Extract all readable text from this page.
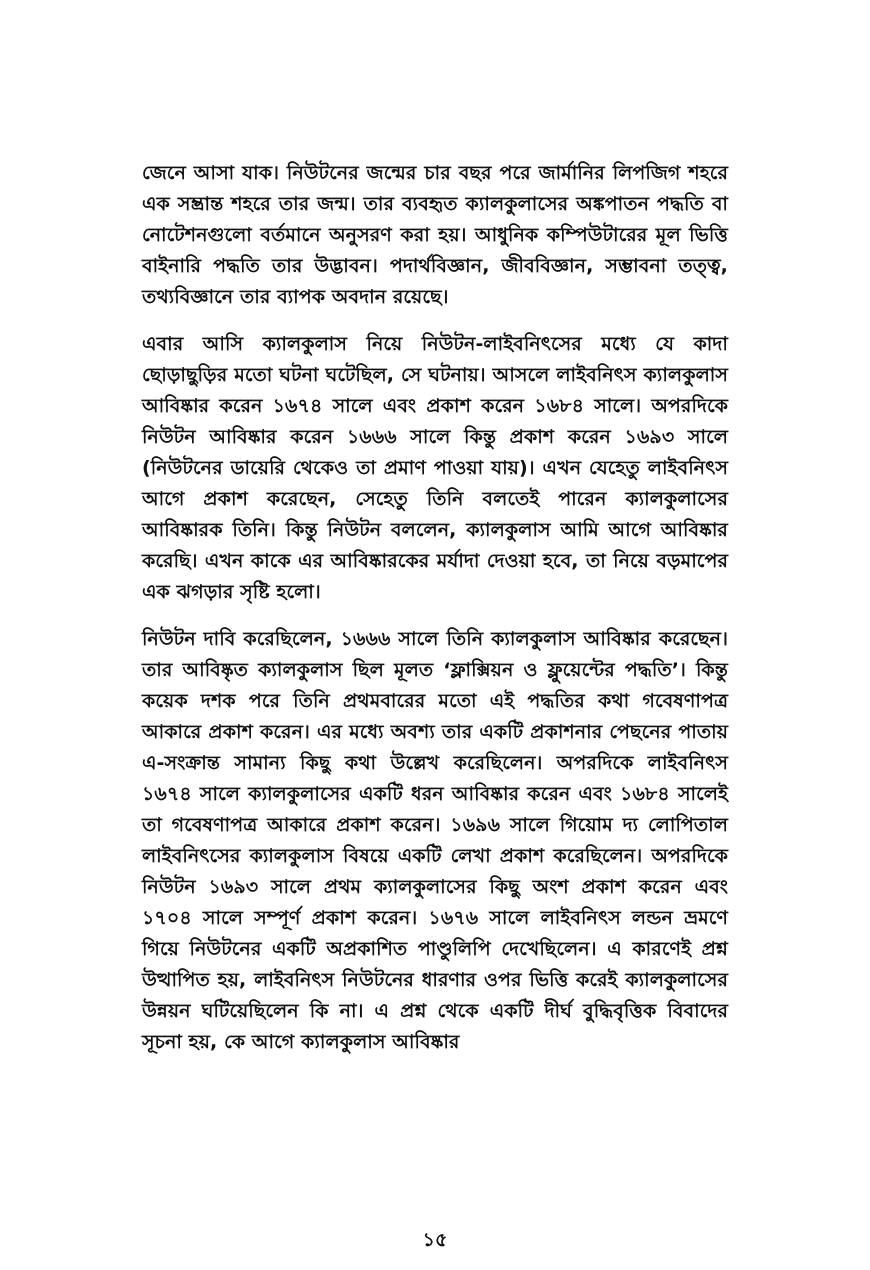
জেনে আসা যাক। নিউটনের জন্মের চার বছর পরে জার্মানির লিপজিগ শহরে এক সম্ভ্রান্ত শহরে তার জন্ম। তার ব্যবহৃত ক্যালকুলাসের অঙ্কপাতন পদ্ধতি বা নোটেশনগুলো বর্তমানে অনুসরণ করা হয়। আধুনিক কম্পিউটারের মূল ভিত্তি বাইনারি পদ্ধতি তার উদ্ভাবন। পদার্থবিজ্ঞান, জীববিজ্ঞান, সম্ভাবনা তত্ত্ব, তথ্যবিজ্ঞানে তার ব্যাপক অবদান রয়েছে।

এবার আসি ক্যালকুলাস নিয়ে নিউটন-লাইবনিৎসের মধ্যে যে কাদা ছোড়াছুড়ির মতো ঘটনা ঘটেছিল, সে ঘটনায়। আসলে লাইবনিৎস ক্যালকুলাস আবিষ্কার করেন ১৬৭৪ সালে এবং প্রকাশ করেন ১৬৮৪ সালে। অপরদিকে নিউটন আবিষ্কার করেন ১৬৬৬ সালে কিন্তু প্রকাশ করেন ১৬৯৩ সালে (নিউটনের ডায়েরি থেকেও তা প্রমাণ পাওয়া যায়)। এখন যেহেতু লাইবনিৎস আগে প্রকাশ করেছেন, সেহেতু তিনি বলতেই পারেন ক্যালকুলাসের আবিষ্কারক তিনি। কিন্তু নিউটন বললেন, ক্যালকুলাস আমি আগে আবিষ্কার করেছি। এখন কাকে এর আবিষ্কারকের মর্যাদা দেওয়া হবে, তা নিয়ে বড়মাপের এক ঝগড়ার সৃষ্টি হলো।

নিউটন দাবি করেছিলেন, ১৬৬৬ সালে তিনি ক্যালকুলাস আবিষ্কার করেছেন। তার আবিষ্কৃত ক্যালকুলাস ছিল মূলত ‘ফ্লাক্সিয়ন ও ফ্লুয়েন্টের পদ্ধতি’। কিন্তু কয়েক দশক পরে তিনি প্রথমবারের মতো এই পদ্ধতির কথা গবেষণাপত্র আকারে প্রকাশ করেন। এর মধ্যে অবশ্য তার একটি প্রকাশনার পেছনের পাতায় এ-সংক্রান্ত সামান্য কিছু কথা উল্লেখ করেছিলেন। অপরদিকে লাইবনিৎস ১৬৭৪ সালে ক্যালকুলাসের একটি ধরন আবিষ্কার করেন এবং ১৬৮৪ সালেই তা গবেষণাপত্র আকারে প্রকাশ করেন। ১৬৯৬ সালে গিয়োম দ্য লোপিতাল লাইবনিৎসের ক্যালকুলাস বিষয়ে একটি লেখা প্রকাশ করেছিলেন। অপরদিকে নিউটন ১৬৯৩ সালে প্রথম ক্যালকুলাসের কিছু অংশ প্রকাশ করেন এবং ১৭০৪ সালে সম্পূর্ণ প্রকাশ করেন। ১৬৭৬ সালে লাইবনিৎস লন্ডন ভ্রমণে গিয়ে নিউটনের একটি অপ্রকাশিত পাণ্ডুলিপি দেখেছিলেন। এ কারণেই প্রশ্ন উত্থাপিত হয়, লাইবনিৎস নিউটনের ধারণার ওপর ভিত্তি করেই ক্যালকুলাসের উন্নয়ন ঘটিয়েছিলেন কি না। এ প্রশ্ন থেকে একটি দীর্ঘ বুদ্ধিবৃত্তিক বিবাদের সূচনা হয়, কে আগে ক্যালকুলাস আবিষ্কার

১৫
